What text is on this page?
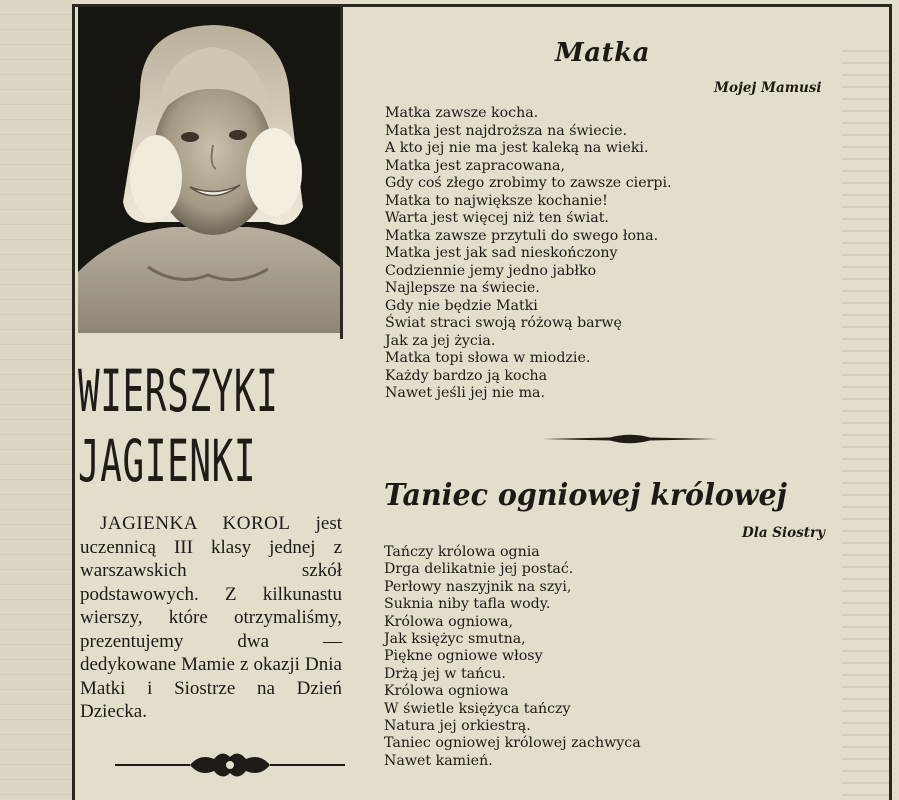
WIERSZYKI
JAGIENKI
JAGIENKA KOROL jest uczennicą III klasy jednej z warszawskich szkół podstawowych. Z kilkunastu wierszy, które otrzymaliśmy, prezentujemy dwa — dedykowane Mamie z okazji Dnia Matki i Siostrze na Dzień Dziecka.
Matka
Mojej Mamusi
Matka zawsze kocha.
Matka jest najdroższa na świecie.
A kto jej nie ma jest kaleką na wieki.
Matka jest zapracowana,
Gdy coś złego zrobimy to zawsze cierpi.
Matka to największe kochanie!
Warta jest więcej niż ten świat.
Matka zawsze przytuli do swego łona.
Matka jest jak sad nieskończony
Codziennie jemy jedno jabłko
Najlepsze na świecie.
Gdy nie będzie Matki
Świat straci swoją różową barwę
Jak za jej życia.
Matka topi słowa w miodzie.
Każdy bardzo ją kocha
Nawet jeśli jej nie ma.
Taniec ogniowej królowej
Dla Siostry
Tańczy królowa ognia
Drga delikatnie jej postać.
Perłowy naszyjnik na szyi,
Suknia niby tafla wody.
Królowa ogniowa,
Jak księżyc smutna,
Piękne ogniowe włosy
Drżą jej w tańcu.
Królowa ogniowa
W świetle księżyca tańczy
Natura jej orkiestrą.
Taniec ogniowej królowej zachwyca
Nawet kamień.
